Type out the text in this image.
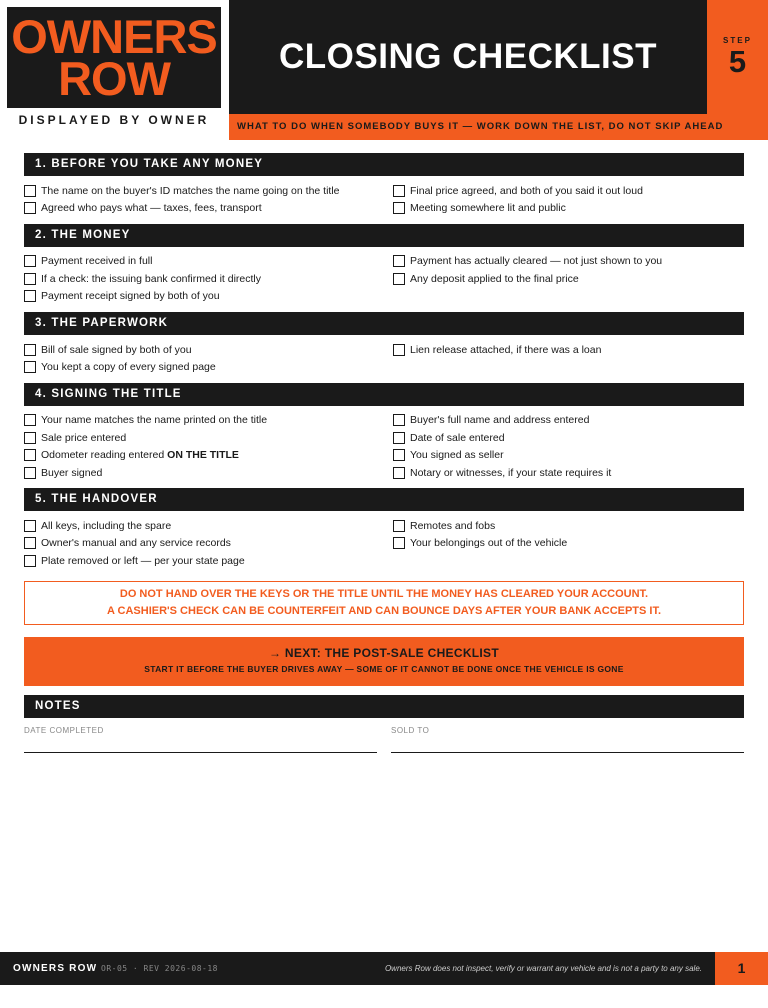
OWNERS
ROW
DISPLAYED BY OWNER
CLOSING CHECKLIST	STEP
5
WHAT TO DO WHEN SOMEBODY BUYS IT — WORK DOWN THE LIST, DO NOT SKIP AHEAD
1. BEFORE YOU TAKE ANY MONEY
The name on the buyer's ID matches the name going on the title
Agreed who pays what — taxes, fees, transport
Final price agreed, and both of you said it out loud
Meeting somewhere lit and public
2. THE MONEY
Payment received in full
If a check: the issuing bank confirmed it directly
Payment receipt signed by both of you
Payment has actually cleared — not just shown to you
Any deposit applied to the final price
3. THE PAPERWORK
Bill of sale signed by both of you
You kept a copy of every signed page
Lien release attached, if there was a loan
4. SIGNING THE TITLE
Your name matches the name printed on the title
Sale price entered
Odometer reading entered ON THE TITLE
Buyer signed
Buyer's full name and address entered
Date of sale entered
You signed as seller
Notary or witnesses, if your state requires it
5. THE HANDOVER
All keys, including the spare
Owner's manual and any service records
Plate removed or left — per your state page
Remotes and fobs
Your belongings out of the vehicle
DO NOT HAND OVER THE KEYS OR THE TITLE UNTIL THE MONEY HAS CLEARED YOUR ACCOUNT.
A CASHIER'S CHECK CAN BE COUNTERFEIT AND CAN BOUNCE DAYS AFTER YOUR BANK ACCEPTS IT.
→ NEXT: THE POST-SALE CHECKLIST
START IT BEFORE THE BUYER DRIVES AWAY — SOME OF IT CANNOT BE DONE ONCE THE VEHICLE IS GONE
NOTES
DATE COMPLETED	SOLD TO
OWNERS ROW OR-05 · REV 2026-08-18	Owners Row does not inspect, verify or warrant any vehicle and is not a party to any sale.	1
